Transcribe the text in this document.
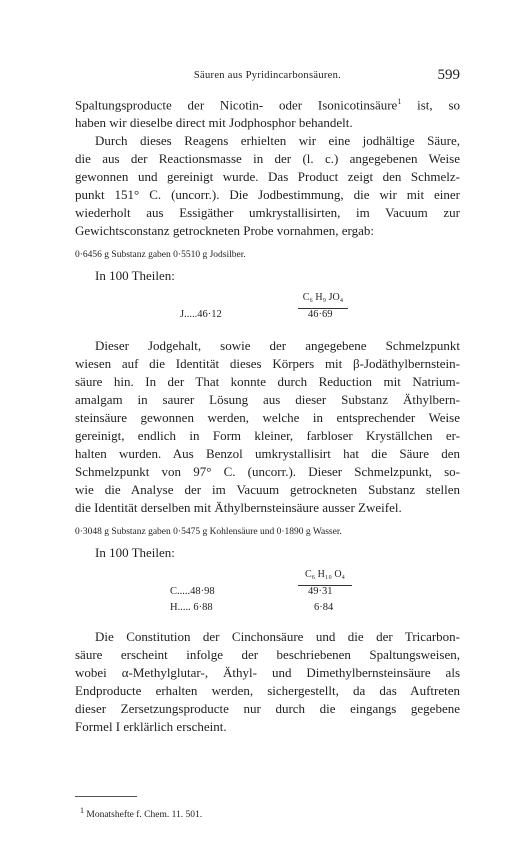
Säuren aus Pyridincarbonsäuren.	599
Spaltungsproducte der Nicotin- oder Isonicotinsäure$^1$ ist, so
haben wir dieselbe direct mit Jodphosphor behandelt.
Durch dieses Reagens erhielten wir eine jodhältige Säure,
die aus der Reactionsmasse in der (l. c.) angegebenen Weise
gewonnen und gereinigt wurde. Das Product zeigt den Schmelz-
punkt 151° C. (uncorr.). Die Jodbestimmung, die wir mit einer
wiederholt aus Essigäther umkrystallisirten, im Vacuum zur
Gewichtsconstanz getrockneten Probe vornahmen, ergab:

0·6456 g Substanz gaben 0·5510 g Jodsilber.

In 100 Theilen:

C₆ H₉ JO₄
J.....46·12	46·69
Dieser Jodgehalt, sowie der angegebene Schmelzpunkt
wiesen auf die Identität dieses Körpers mit β-Jodäthylbernstein-
säure hin. In der That konnte durch Reduction mit Natrium-
amalgam in saurer Lösung aus dieser Substanz Äthylbern-
steinsäure gewonnen werden, welche in entsprechender Weise
gereinigt, endlich in Form kleiner, farbloser Kryställchen er-
halten wurden. Aus Benzol umkrystallisirt hat die Säure den
Schmelzpunkt von 97° C. (uncorr.). Dieser Schmelzpunkt, so-
wie die Analyse der im Vacuum getrockneten Substanz stellen
die Identität derselben mit Äthylbernsteinsäure ausser Zweifel.

0·3048 g Substanz gaben 0·5475 g Kohlensäure und 0·1890 g Wasser.

In 100 Theilen:

C₆ H₁₀ O₄
C.....48·98	49·31
H..... 6·88	6·84
Die Constitution der Cinchonsäure und die der Tricarbon-
säure erscheint infolge der beschriebenen Spaltungsweisen,
wobei α-Methylglutar-, Äthyl- und Dimethylbernsteinsäure als
Endproducte erhalten werden, sichergestellt, da das Auftreten
dieser Zersetzungsproducte nur durch die eingangs gegebene
Formel I erklärlich erscheint.
$^1$ Monatshefte f. Chem. 11. 501.
